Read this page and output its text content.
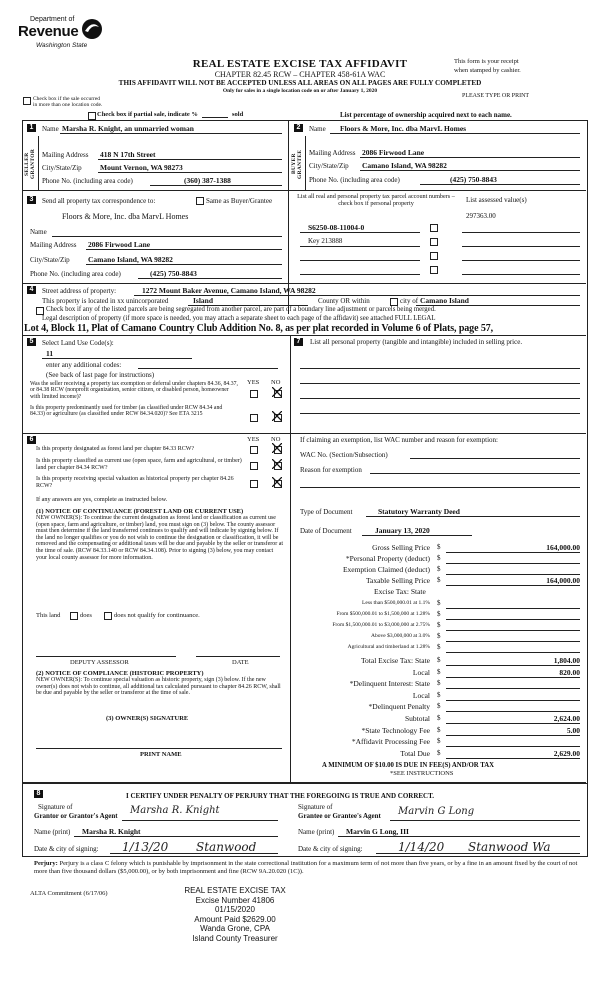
Department of
Revenue
Washington State
REAL ESTATE EXCISE TAX AFFIDAVIT
CHAPTER 82.45 RCW – CHAPTER 458-61A WAC
THIS AFFIDAVIT WILL NOT BE ACCEPTED UNLESS ALL AREAS ON ALL PAGES ARE FULLY COMPLETED
Only for sales in a single location code on or after January 1, 2020
This form is your receipt
when stamped by cashier.
PLEASE TYPE OR PRINT
Check box if the sale occurred
in more than one location code.
Check box if partial sale, indicate %	sold	List percentage of ownership acquired next to each name.
1	Name Marsha R. Knight, an unmarried woman
SELLER GRANTOR Mailing Address 418 N 17th Street
City/State/Zip Mount Vernon, WA 98273
Phone No. (including area code)	(360) 387-1388
2	Name Floors & More, Inc. dba MarvL Homes
BUYER GRANTEE Mailing Address 2086 Firwood Lane
City/State/Zip Camano Island, WA 98282
Phone No. (including area code)	(425) 750-8843
3	Send all property tax correspondence to:	Same as Buyer/Grantee
Floors & More, Inc. dba MarvL Homes
Name
Mailing Address 2086 Firwood Lane
City/State/Zip Camano Island, WA 98282
Phone No. (including area code)	(425) 750-8843
List all real and personal property tax parcel account numbers – check box if personal property	List assessed value(s)
297363.00
S6250-08-11004-0
Key 213888
4	Street address of property:	1272 Mount Baker Avenue, Camano Island, WA 98282
This property is located in xx unincorporated	Island	County OR within	city of Camano Island
Check box if any of the listed parcels are being segregated from another parcel, are part of a boundary line adjustment or parcels being merged.
Legal description of property (if more space is needed, you may attach a separate sheet to each page of the affidavit) see attached FULL LEGAL
Lot 4, Block 11, Plat of Camano Country Club Addition No. 8, as per plat recorded in Volume 6 of Plats, page 57,
5	Select Land Use Code(s):
11
enter any additional codes:
(See back of last page for instructions)
YES NO
Was the seller receiving a property tax exemption or deferral under chapters 84.36, 84.37, or 84.38 RCW (nonprofit organization, senior citizen, or disabled person, homeowner with limited income)?
Is this property predominantly used for timber (as classified under RCW 84.34 and 84.33) or agriculture (as classified under RCW 84.34.020)? See ETA 3215
6	YES NO
Is this property designated as forest land per chapter 84.33 RCW?
Is this property classified as current use (open space, farm and agricultural, or timber) land per chapter 84.34 RCW?
Is this property receiving special valuation as historical property per chapter 84.26 RCW?
If any answers are yes, complete as instructed below.
(1) NOTICE OF CONTINUANCE (FOREST LAND OR CURRENT USE)
NEW OWNER(S): To continue the current designation as forest land or classification as current use (open space, farm and agriculture, or timber) land, you must sign on (3) below. The county assessor must then determine if the land transferred continues to qualify and will indicate by signing below. If the land no longer qualifies or you do not wish to continue the designation or classification, it will be removed and the compensating or additional taxes will be due and payable by the seller or transferor at the time of sale. (RCW 84.33.140 or RCW 84.34.108). Prior to signing (3) below, you may contact your local county assessor for more information.
This land	does	does not qualify for continuance.
DEPUTY ASSESSOR	DATE
(2) NOTICE OF COMPLIANCE (HISTORIC PROPERTY)
NEW OWNER(S): To continue special valuation as historic property, sign (3) below. If the new owner(s) does not wish to continue, all additional tax calculated pursuant to chapter 84.26 RCW, shall be due and payable by the seller or transferor at the time of sale.
(3) OWNER(S) SIGNATURE
PRINT NAME
7	List all personal property (tangible and intangible) included in selling price.
If claiming an exemption, list WAC number and reason for exemption:
WAC No. (Section/Subsection)
Reason for exemption
Type of Document	Statutory Warranty Deed
Date of Document	January 13, 2020
Gross Selling Price $	164,000.00
*Personal Property (deduct) $
Exemption Claimed (deduct) $
Taxable Selling Price $	164,000.00
Excise Tax: State
Less than $500,000.01 at 1.1% $
From $500,000.01 to $1,500,000 at 1.28% $
From $1,500,000.01 to $3,000,000 at 2.75% $
Above $3,000,000 at 3.0% $
Agricultural and timberland at 1.28% $
Total Excise Tax: State $	1,804.00
Local $	820.00
*Delinquent Interest: State $
Local $
*Delinquent Penalty $
Subtotal $	2,624.00
*State Technology Fee $	5.00
*Affidavit Processing Fee $
Total Due $	2,629.00
A MINIMUM OF $10.00 IS DUE IN FEE(S) AND/OR TAX
*SEE INSTRUCTIONS
8	I CERTIFY UNDER PENALTY OF PERJURY THAT THE FOREGOING IS TRUE AND CORRECT.
Signature of
Grantor or Grantor's Agent Marsha R. Knight
Name (print) Marsha R. Knight
Date & city of signing: 1/13/20 Stanwood
Signature of
Grantee or Grantee's Agent Marvin G Long
Name (print) Marvin G Long, III
Date & city of signing:	1/14/20 Stanwood Wa
Perjury: Perjury is a class C felony which is punishable by imprisonment in the state correctional institution for a maximum term of not more than five years, or by a fine in an amount fixed by the court of not more than five thousand dollars ($5,000.00), or by both imprisonment and fine (RCW 9A.20.020 (1C)).
ALTA Commitment (6/17/06)	REAL ESTATE EXCISE TAX
Excise Number 41806
01/15/2020
Amount Paid $2629.00
Wanda Grone, CPA
Island County Treasurer
